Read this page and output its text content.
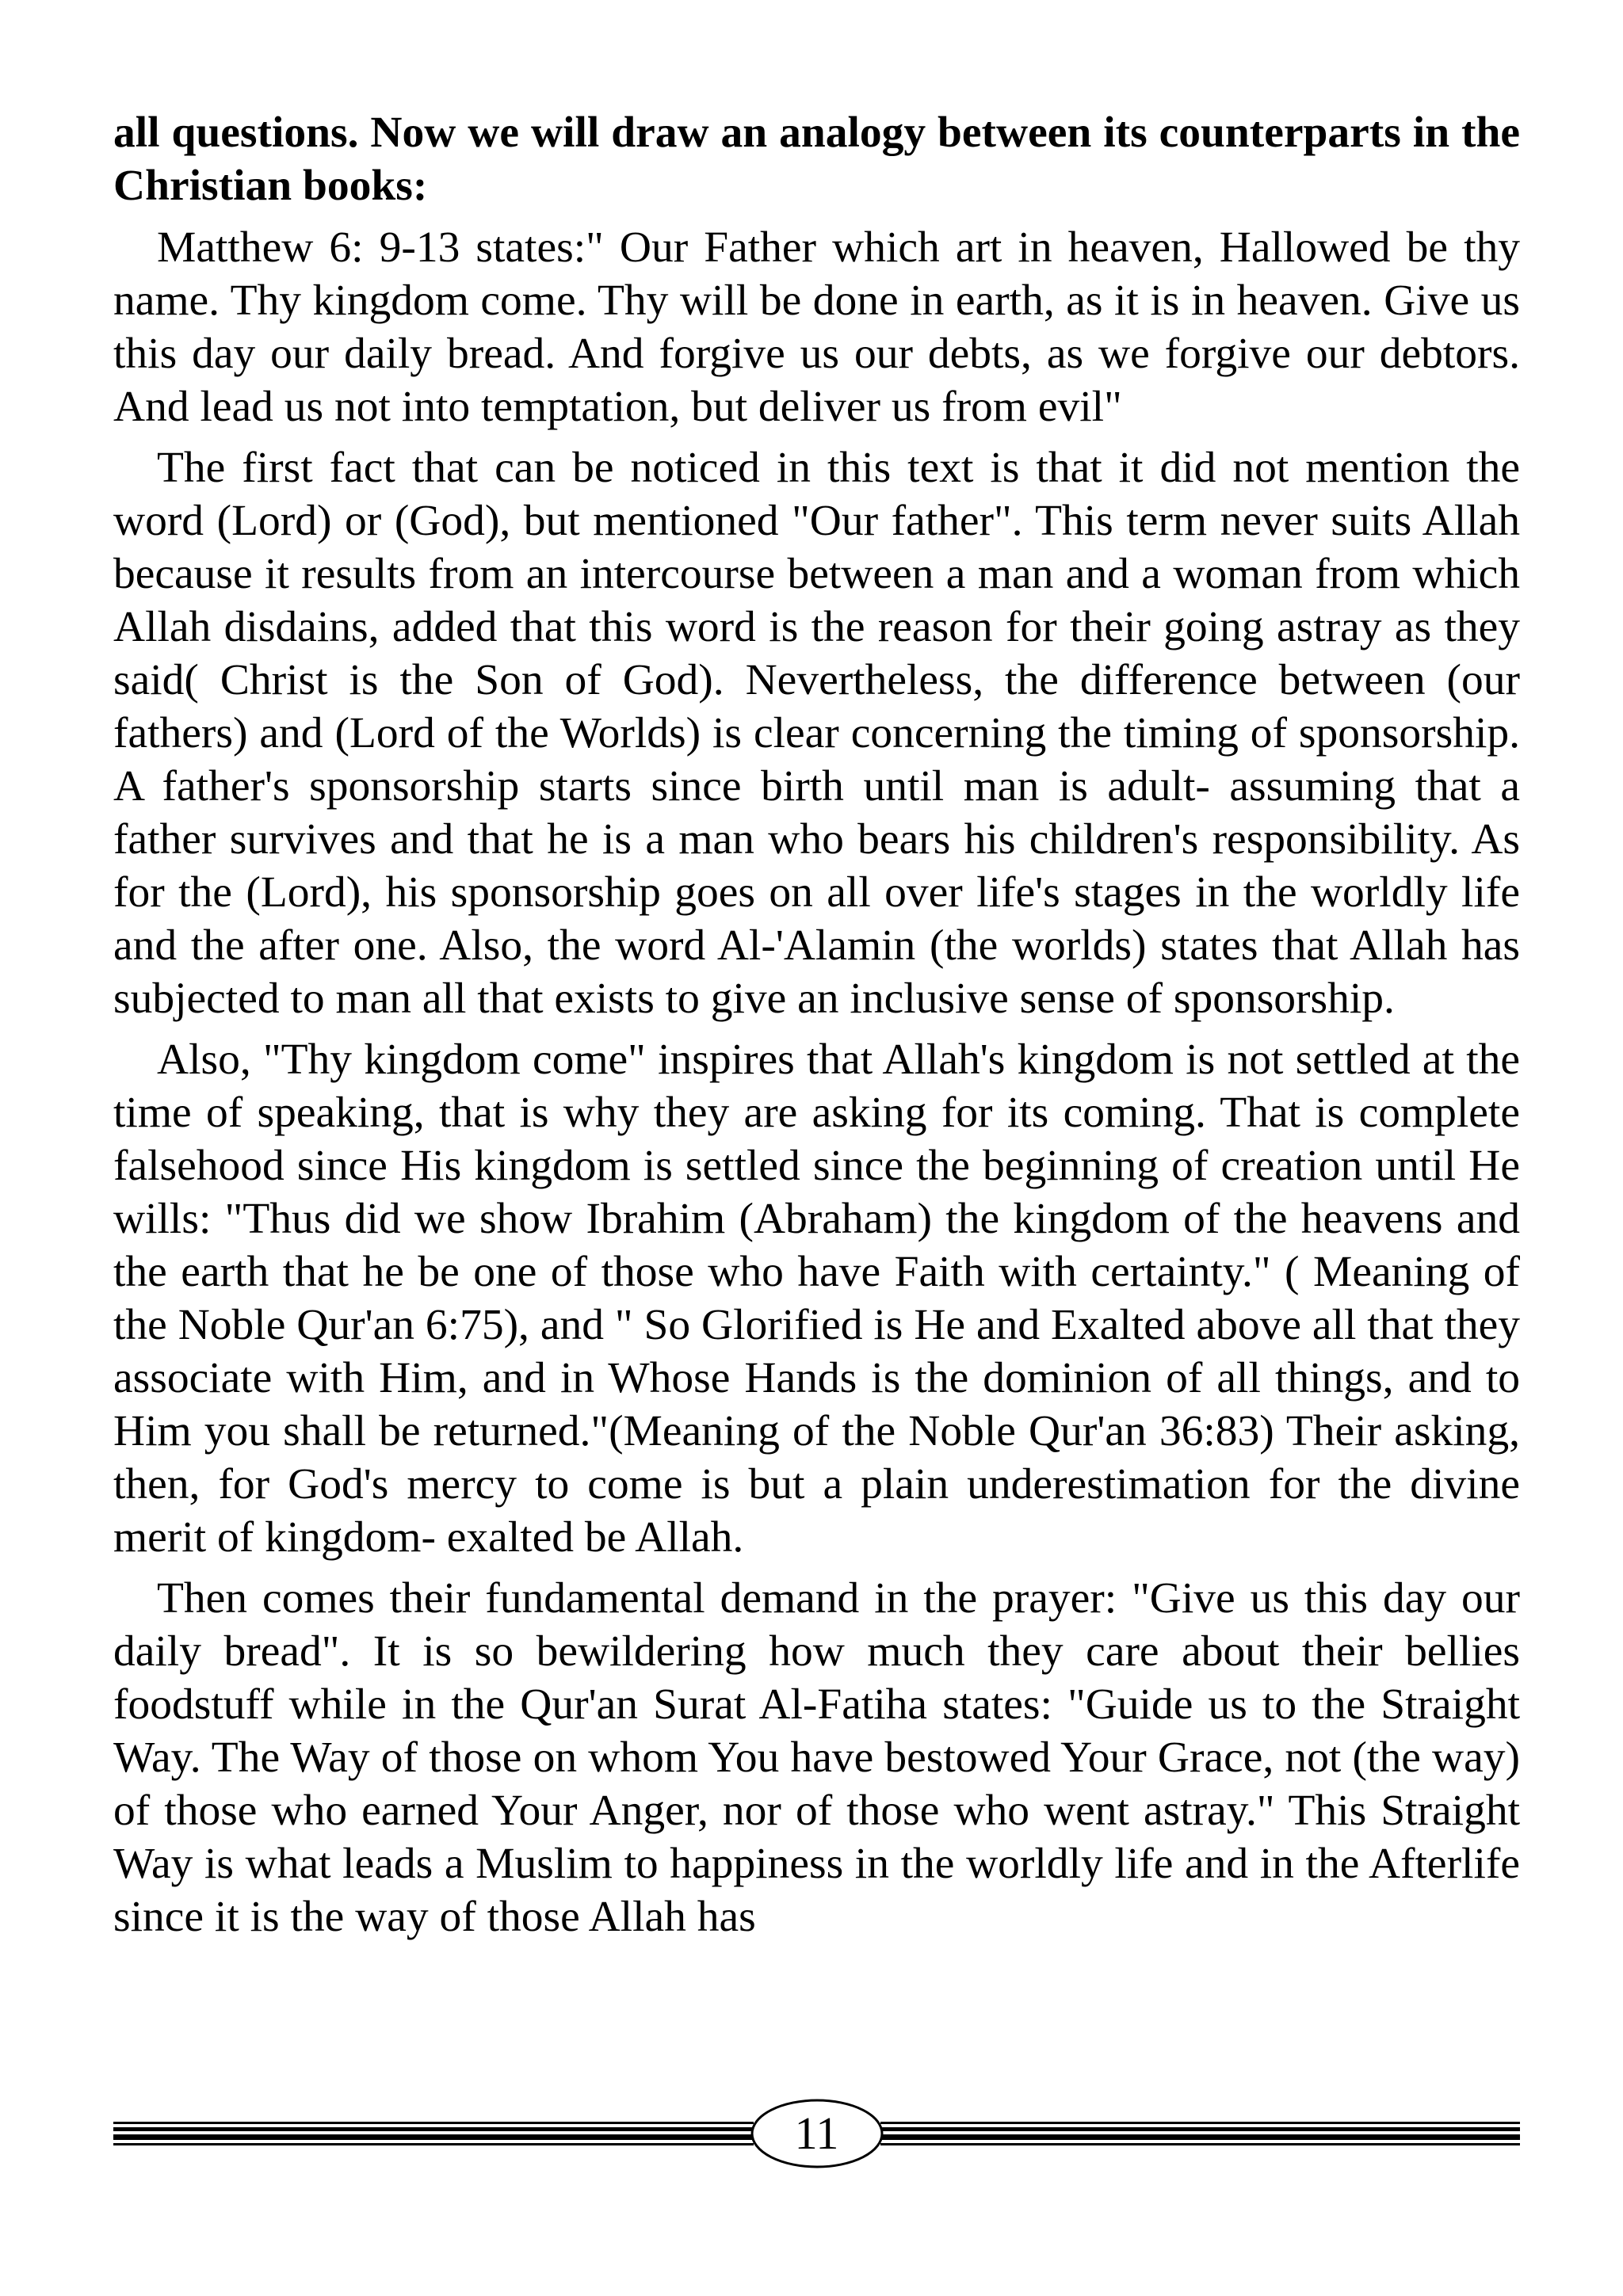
all questions. Now we will draw an analogy between its counterparts in the Christian books:

Matthew 6: 9-13 states:" Our Father which art in heaven, Hallowed be thy name. Thy kingdom come. Thy will be done in earth, as it is in heaven. Give us this day our daily bread. And forgive us our debts, as we forgive our debtors. And lead us not into temptation, but deliver us from evil"

The first fact that can be noticed in this text is that it did not mention the word (Lord) or (God), but mentioned "Our father". This term never suits Allah because it results from an intercourse between a man and a woman from which Allah disdains, added that this word is the reason for their going astray as they said( Christ is the Son of God). Nevertheless, the difference between (our fathers) and (Lord of the Worlds) is clear concerning the timing of sponsorship. A father's sponsorship starts since birth until man is adult- assuming that a father survives and that he is a man who bears his children's responsibility. As for the (Lord), his sponsorship goes on all over life's stages in the worldly life and the after one. Also, the word Al-'Alamin (the worlds) states that Allah has subjected to man all that exists to give an inclusive sense of sponsorship.

Also, "Thy kingdom come" inspires that Allah's kingdom is not settled at the time of speaking, that is why they are asking for its coming. That is complete falsehood since His kingdom is settled since the beginning of creation until He wills: "Thus did we show Ibrahim (Abraham) the kingdom of the heavens and the earth that he be one of those who have Faith with certainty." ( Meaning of the Noble Qur'an 6:75), and " So Glorified is He and Exalted above all that they associate with Him, and in Whose Hands is the dominion of all things, and to Him you shall be returned."(Meaning of the Noble Qur'an 36:83) Their asking, then, for God's mercy to come is but a plain underestimation for the divine merit of kingdom- exalted be Allah.

Then comes their fundamental demand in the prayer: "Give us this day our daily bread". It is so bewildering how much they care about their bellies foodstuff while in the Qur'an Surat Al-Fatiha states: "Guide us to the Straight Way. The Way of those on whom You have bestowed Your Grace, not (the way) of those who earned Your Anger, nor of those who went astray." This Straight Way is what leads a Muslim to happiness in the worldly life and in the Afterlife since it is the way of those Allah has

11
